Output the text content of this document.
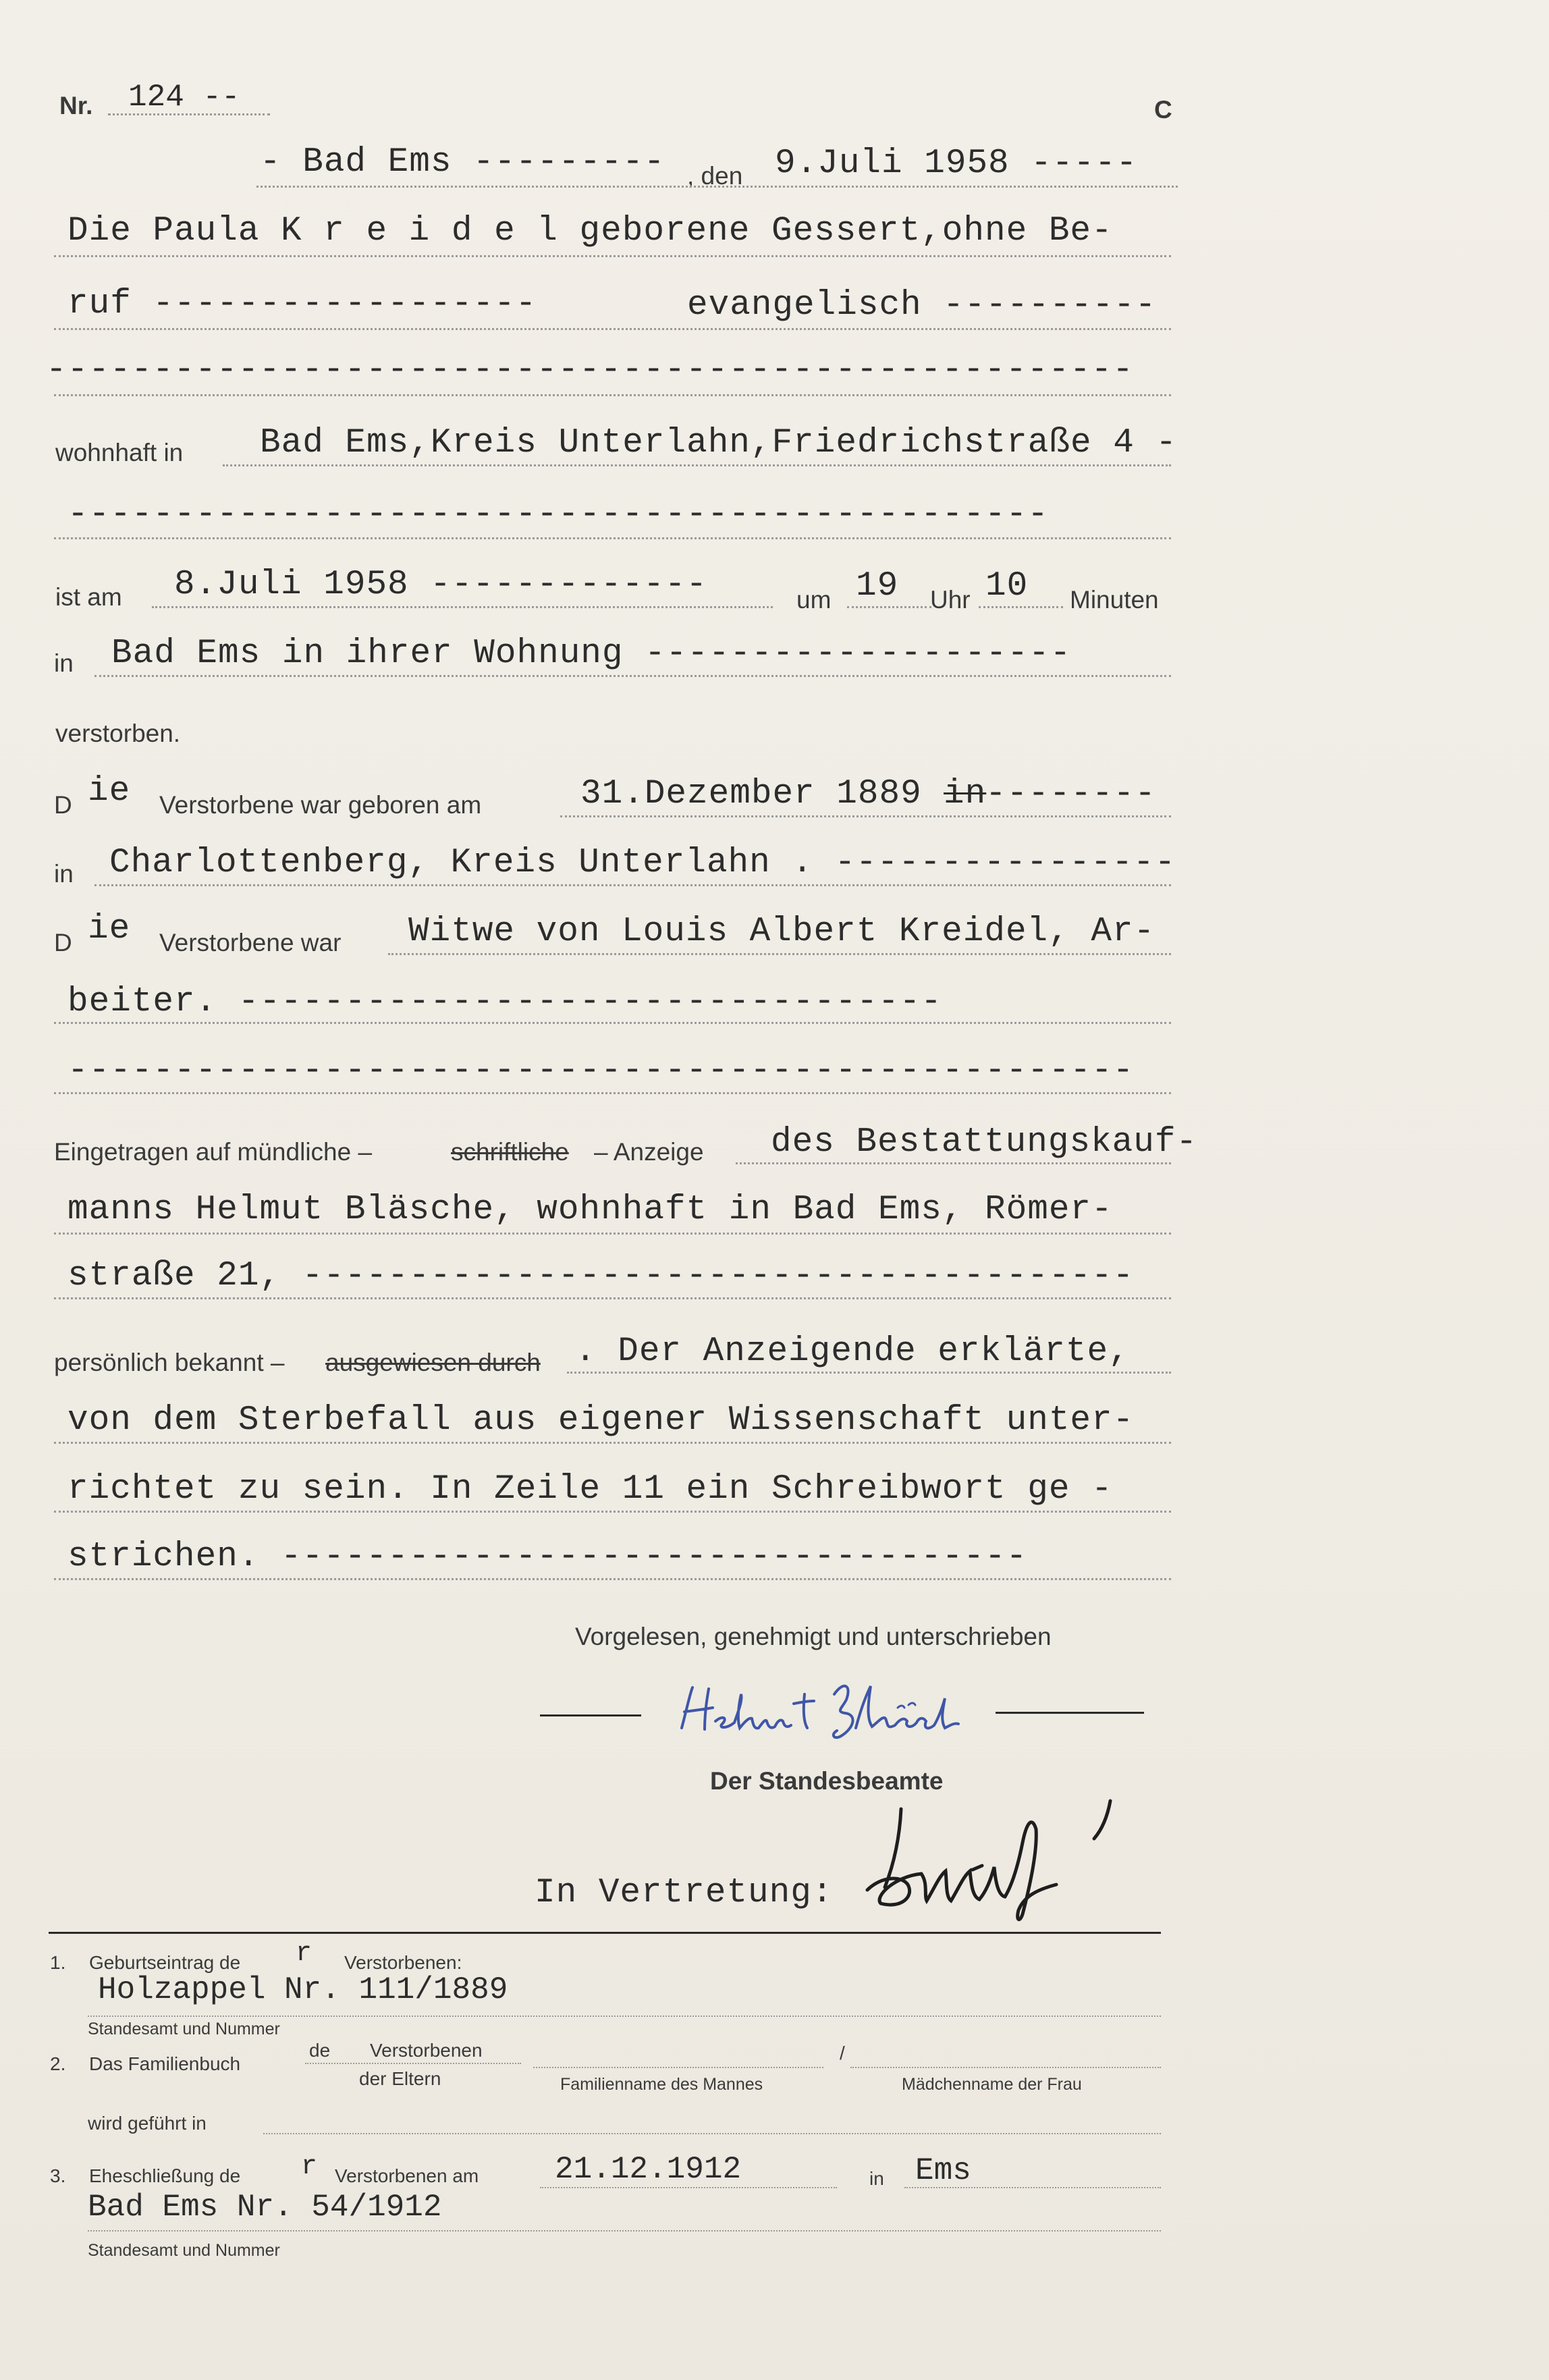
Nr. 124 --	C
- Bad Ems --------- , den 9.Juli 1958 -----
Die Paula K r e i d e l geborene Gessert,ohne Be-
ruf ------------------	evangelisch ----------
---------------------------------------------------
wohnhaft in Bad Ems,Kreis Unterlahn,Friedrichstraße 4 -
----------------------------------------------
ist am 8.Juli 1958 -------------	um 19 Uhr 10 Minuten
in Bad Ems in ihrer Wohnung --------------------
verstorben.
D ie Verstorbene war geboren am	31.Dezember 1889 in
--------
in Charlottenberg, Kreis Unterlahn . ----------------
D ie Verstorbene war Witwe von Louis Albert Kreidel, Ar-
beiter. ---------------------------------
--------------------------------------------------
Eingetragen auf mündliche –	schriftliche – Anzeige des Bestattungskauf-
manns Helmut Bläsche, wohnhaft in Bad Ems, Römer-
straße 21, ---------------------------------------
persönlich bekannt – ausgewiesen durch . Der Anzeigende erklärte,
von dem Sterbefall aus eigener Wissenschaft unter-
richtet zu sein. In Zeile 11 ein Schreibwort ge -
strichen. -----------------------------------
Vorgelesen, genehmigt und unterschrieben
Der Standesbeamte
In Vertretung:
1. Geburtseintrag de r Verstorbenen:
Holzappel Nr. 111/1889
Standesamt und Nummer
2. Das Familienbuch
de Verstorbenen
der Eltern
/
Familienname des Mannes	Mädchenname der Frau
wird geführt in
3. Eheschließung de r Verstorbenen am 21.12.1912	in Ems
Bad Ems Nr. 54/1912
Standesamt und Nummer
